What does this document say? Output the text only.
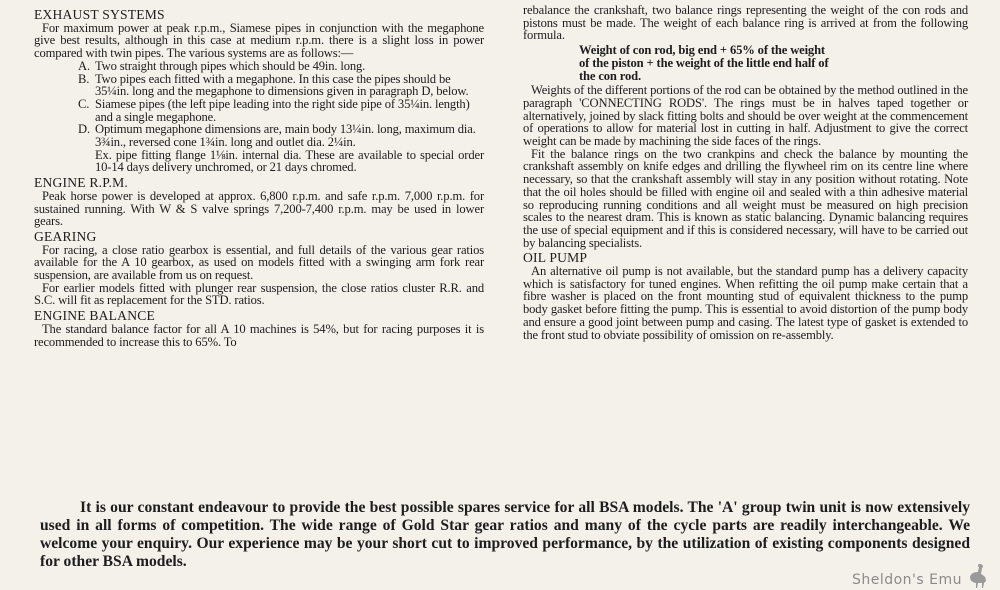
EXHAUST SYSTEMS

For maximum power at peak r.p.m., Siamese pipes in conjunction with the megaphone give best results, although in this case at medium r.p.m. there is a slight loss in power compared with twin pipes. The various systems are as follows:—

A. Two straight through pipes which should be 49in. long.
B. Two pipes each fitted with a megaphone. In this case the pipes should be 35¼in. long and the megaphone to dimensions given in paragraph D, below.
C. Siamese pipes (the left pipe leading into the right side pipe of 35¼in. length) and a single megaphone.
D. Optimum megaphone dimensions are, main body 13¼in. long, maximum dia. 3¾in., reversed cone 1¾in. long and outlet dia. 2¼in.

Ex. pipe fitting flange 1⅛in. internal dia. These are available to special order 10-14 days delivery unchromed, or 21 days chromed.

ENGINE R.P.M.

Peak horse power is developed at approx. 6,800 r.p.m. and safe r.p.m. 7,000 r.p.m. for sustained running. With W & S valve springs 7,200-7,400 r.p.m. may be used in lower gears.

GEARING

For racing, a close ratio gearbox is essential, and full details of the various gear ratios available for the A 10 gearbox, as used on models fitted with a swinging arm fork rear suspension, are available from us on request.

For earlier models fitted with plunger rear suspension, the close ratios cluster R.R. and S.C. will fit as replacement for the STD. ratios.

ENGINE BALANCE

The standard balance factor for all A 10 machines is 54%, but for racing purposes it is recommended to increase this to 65%. To

rebalance the crankshaft, two balance rings representing the weight of the con rods and pistons must be made. The weight of each balance ring is arrived at from the following formula.

Weight of con rod, big end + 65% of the weight
of the piston + the weight of the little end half of
the con rod.

Weights of the different portions of the rod can be obtained by the method outlined in the paragraph 'CONNECTING RODS'. The rings must be in halves taped together or alternatively, joined by slack fitting bolts and should be over weight at the commencement of operations to allow for material lost in cutting in half. Adjustment to give the correct weight can be made by machining the side faces of the rings.

Fit the balance rings on the two crankpins and check the balance by mounting the crankshaft assembly on knife edges and drilling the flywheel rim on its centre line where necessary, so that the crankshaft assembly will stay in any position without rotating. Note that the oil holes should be filled with engine oil and sealed with a thin adhesive material so reproducing running conditions and all weight must be measured on high precision scales to the nearest dram. This is known as static balancing. Dynamic balancing requires the use of special equipment and if this is considered necessary, will have to be carried out by balancing specialists.

OIL PUMP

An alternative oil pump is not available, but the standard pump has a delivery capacity which is satisfactory for tuned engines. When refitting the oil pump make certain that a fibre washer is placed on the front mounting stud of equivalent thickness to the pump body gasket before fitting the pump. This is essential to avoid distortion of the pump body and ensure a good joint between pump and casing. The latest type of gasket is extended to the front stud to obviate possibility of omission on re-assembly.

It is our constant endeavour to provide the best possible spares service for all BSA models. The 'A' group twin unit is now extensively used in all forms of competition. The wide range of Gold Star gear ratios and many of the cycle parts are readily interchangeable. We welcome your enquiry. Our experience may be your short cut to improved performance, by the utilization of existing components designed for other BSA models.

Sheldon's Emu
